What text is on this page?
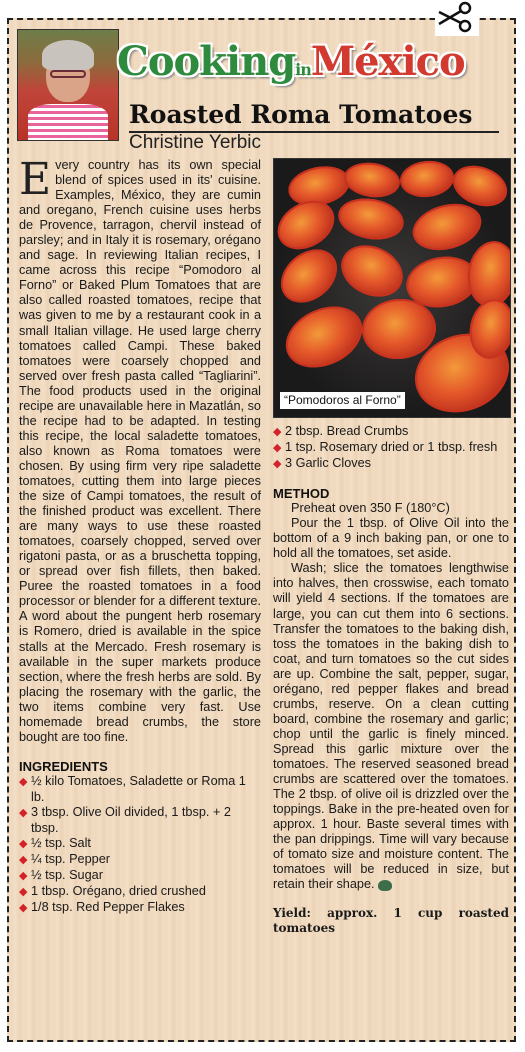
CookinginMéxico
Roasted Roma Tomatoes
Christine Yerbic

Every country has its own special blend of spices used in its' cuisine. Examples, México, they are cumin and oregano, French cuisine uses herbs de Provence, tarragon, chervil instead of parsley; and in Italy it is rosemary, orégano and sage. In reviewing Italian recipes, I came across this recipe “Pomodoro al Forno” or Baked Plum Tomatoes that are also called roasted tomatoes, recipe that was given to me by a restaurant cook in a small Italian village. He used large cherry tomatoes called Campi. These baked tomatoes were coarsely chopped and served over fresh pasta called “Tagliarini”. The food products used in the original recipe are unavailable here in Mazatlán, so the recipe had to be adapted. In testing this recipe, the local saladette tomatoes, also known as Roma tomatoes were chosen. By using firm very ripe saladette tomatoes, cutting them into large pieces the size of Campi tomatoes, the result of the finished product was excellent. There are many ways to use these roasted tomatoes, coarsely chopped, served over rigatoni pasta, or as a bruschetta topping, or spread over fish fillets, then baked. Puree the roasted tomatoes in a food processor or blender for a different texture. A word about the pungent herb rosemary is Romero, dried is available in the spice stalls at the Mercado. Fresh rosemary is available in the super markets produce section, where the fresh herbs are sold. By placing the rosemary with the garlic, the two items combine very fast. Use homemade bread crumbs, the store bought are too fine.

INGREDIENTS
◆ ½ kilo Tomatoes, Saladette or Roma 1 lb.
◆ 3 tbsp. Olive Oil divided, 1 tbsp. + 2 tbsp.
◆ ½ tsp. Salt
◆ ¼ tsp. Pepper
◆ ½ tsp. Sugar
◆ 1 tbsp. Orégano, dried crushed
◆ 1/8 tsp. Red Pepper Flakes
“Pomodoros al Forno”
◆ 2 tbsp. Bread Crumbs
◆ 1 tsp. Rosemary dried or 1 tbsp. fresh
◆ 3 Garlic Cloves
METHOD

Preheat oven 350 F (180°C)

Pour the 1 tbsp. of Olive Oil into the bottom of a 9 inch baking pan, or one to hold all the tomatoes, set aside.

Wash; slice the tomatoes lengthwise into halves, then crosswise, each tomato will yield 4 sections. If the tomatoes are large, you can cut them into 6 sections. Transfer the tomatoes to the baking dish, toss the tomatoes in the baking dish to coat, and turn tomatoes so the cut sides are up. Combine the salt, pepper, sugar, orégano, red pepper flakes and bread crumbs, reserve. On a clean cutting board, combine the rosemary and garlic; chop until the garlic is finely minced. Spread this garlic mixture over the tomatoes. The reserved seasoned bread crumbs are scattered over the tomatoes. The 2 tbsp. of olive oil is drizzled over the toppings. Bake in the pre-heated oven for approx. 1 hour. Baste several times with the pan drippings. Time will vary because of tomato size and moisture content. The tomatoes will be reduced in size, but retain their shape.

Yield: approx. 1 cup roasted tomatoes
